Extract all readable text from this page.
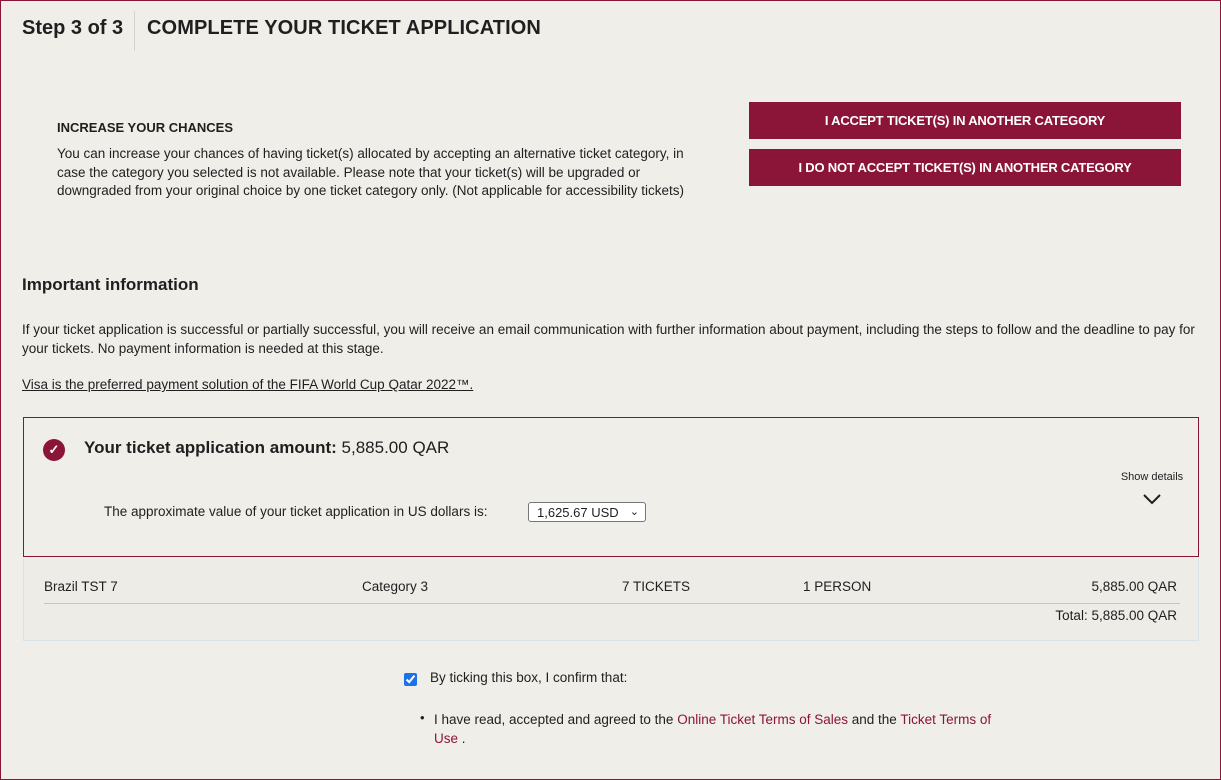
Step 3 of 3 COMPLETE YOUR TICKET APPLICATION
INCREASE YOUR CHANCES
You can increase your chances of having ticket(s) allocated by accepting an alternative ticket category, in case the category you selected is not available. Please note that your ticket(s) will be upgraded or downgraded from your original choice by one ticket category only. (Not applicable for accessibility tickets)
I ACCEPT TICKET(S) IN ANOTHER CATEGORY
I DO NOT ACCEPT TICKET(S) IN ANOTHER CATEGORY
Important information
If your ticket application is successful or partially successful, you will receive an email communication with further information about payment, including the steps to follow and the deadline to pay for your tickets. No payment information is needed at this stage.
Visa is the preferred payment solution of the FIFA World Cup Qatar 2022™.
✓	Your ticket application amount: 5,885.00 QAR
The approximate value of your ticket application in US dollars is:	1,625.67 USD ⌄
Show details
Brazil TST 7	Category 3	7 TICKETS	1 PERSON	5,885.00 QAR
Total: 5,885.00 QAR
By ticking this box, I confirm that:
• I have read, accepted and agreed to the Online Ticket Terms of Sales and the Ticket Terms of Use .
